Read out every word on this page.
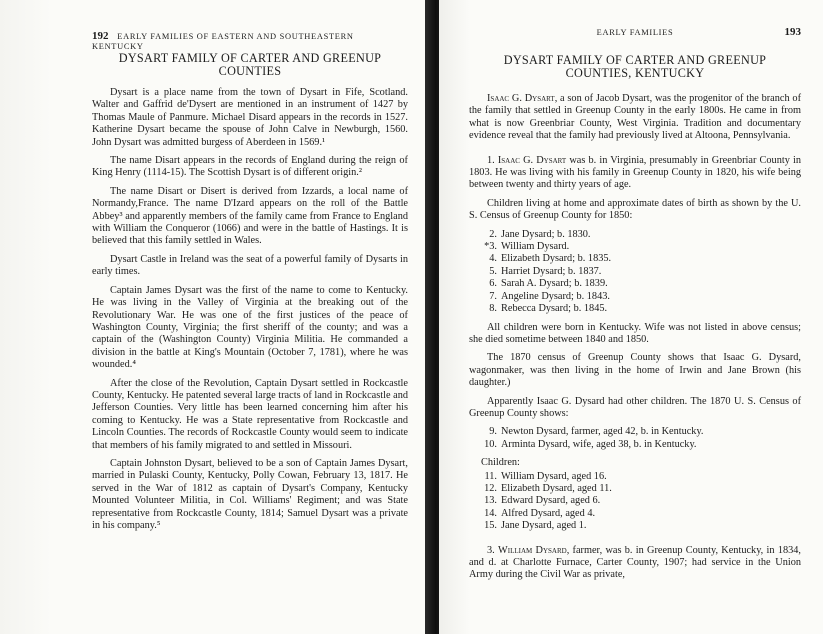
192 EARLY FAMILIES OF EASTERN AND SOUTHEASTERN KENTUCKY
DYSART FAMILY OF CARTER AND GREENUP COUNTIES

Dysart is a place name from the town of Dysart in Fife, Scotland. Walter and Gaffrid de'Dysert are mentioned in an instrument of 1427 by Thomas Maule of Panmure. Michael Disard appears in the records in 1527. Katherine Dysart became the spouse of John Calve in Newburgh, 1560. John Dysart was admitted burgess of Aberdeen in 1569.¹

The name Disart appears in the records of England during the reign of King Henry (1114-15). The Scottish Dysart is of different origin.²

The name Disart or Disert is derived from Izzards, a local name of Normandy,France. The name D'Izard appears on the roll of the Battle Abbey³ and apparently members of the family came from France to England with William the Conqueror (1066) and were in the battle of Hastings. It is believed that this family settled in Wales.

Dysart Castle in Ireland was the seat of a powerful family of Dysarts in early times.

Captain James Dysart was the first of the name to come to Kentucky. He was living in the Valley of Virginia at the breaking out of the Revolutionary War. He was one of the first justices of the peace of Washington County, Virginia; the first sheriff of the county; and was a captain of the (Washington County) Virginia Militia. He commanded a division in the battle at King's Mountain (October 7, 1781), where he was wounded.⁴

After the close of the Revolution, Captain Dysart settled in Rockcastle County, Kentucky. He patented several large tracts of land in Rockcastle and Jefferson Counties. Very little has been learned concerning him after his coming to Kentucky. He was a State representative from Rockcastle and Lincoln Counties. The records of Rockcastle County would seem to indicate that members of his family migrated to and settled in Missouri.

Captain Johnston Dysart, believed to be a son of Captain James Dysart, married in Pulaski County, Kentucky, Polly Cowan, February 13, 1817. He served in the War of 1812 as captain of Dysart's Company, Kentucky Mounted Volunteer Militia, in Col. Williams' Regiment; and was State representative from Rockcastle County, 1814; Samuel Dysart was a private in his company.⁵

EARLY FAMILIES	193
DYSART FAMILY OF CARTER AND GREENUP
COUNTIES, KENTUCKY

Isaac G. Dysart, a son of Jacob Dysart, was the progenitor of the branch of the family that settled in Greenup County in the early 1800s. He came in from what is now Greenbriar County, West Virginia. Tradition and documentary evidence reveal that the family had previously lived at Altoona, Pennsylvania.

1. Isaac G. Dysart was b. in Virginia, presumably in Greenbriar County in 1803. He was living with his family in Greenup County in 1820, his wife being between twenty and thirty years of age.

Children living at home and approximate dates of birth as shown by the U. S. Census of Greenup County for 1850:

2. Jane Dysard; b. 1830.
*3. William Dysard.
4. Elizabeth Dysard; b. 1835.
5. Harriet Dysard; b. 1837.
6. Sarah A. Dysard; b. 1839.
7. Angeline Dysard; b. 1843.
8. Rebecca Dysard; b. 1845.

All children were born in Kentucky. Wife was not listed in above census; she died sometime between 1840 and 1850.

The 1870 census of Greenup County shows that Isaac G. Dysard, wagonmaker, was then living in the home of Irwin and Jane Brown (his daughter.)

Apparently Isaac G. Dysard had other children. The 1870 U. S. Census of Greenup County shows:

9. Newton Dysard, farmer, aged 42, b. in Kentucky.
10. Arminta Dysard, wife, aged 38, b. in Kentucky.
Children:
11. William Dysard, aged 16.
12. Elizabeth Dysard, aged 11.
13. Edward Dysard, aged 6.
14. Alfred Dysard, aged 4.
15. Jane Dysard, aged 1.

3. William Dysard, farmer, was b. in Greenup County, Kentucky, in 1834, and d. at Charlotte Furnace, Carter County, 1907; had service in the Union Army during the Civil War as private,
